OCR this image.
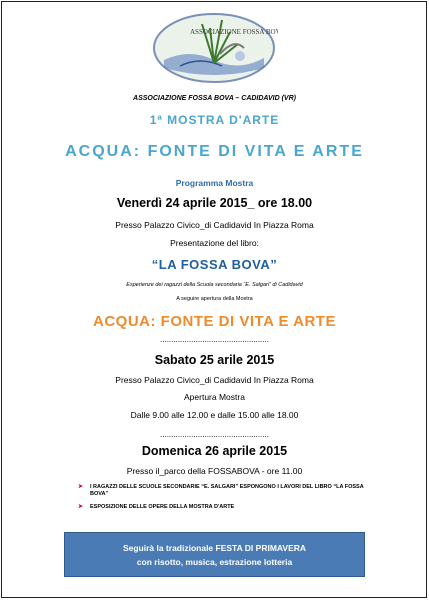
ASSOCIAZIONE FOSSA BOVA
ASSOCIAZIONE FOSSA BOVA – CADIDAVID (VR)
1ª MOSTRA D'ARTE
ACQUA: FONTE DI VITA E ARTE
Programma Mostra
Venerdì 24 aprile 2015_ ore 18.00
Presso Palazzo Civico_di Cadidavid In Piazza Roma
Presentazione del libro:
“LA FOSSA BOVA”
Esperienze dei ragazzi della Scuola secondaria “E. Salgari” di Cadidavid
A seguire apertura della Mostra
ACQUA: FONTE DI VITA E ARTE
.................................................
Sabato 25 arile 2015
Presso Palazzo Civico_di Cadidavid In Piazza Roma
Apertura Mostra
Dalle 9.00 alle 12.00 e dalle 15.00 alle 18.00
.................................................
Domenica 26 aprile 2015
Presso il_parco della FOSSABOVA - ore 11.00
➤ I RAGAZZI DELLE SCUOLE SECONDARIE “E. SALGARI” ESPONGONO I LAVORI DEL LIBRO “LA FOSSA BOVA”
➤ ESPOSIZIONE DELLE OPERE DELLA MOSTRA D'ARTE
Seguirà la tradizionale FESTA DI PRIMAVERA
con risotto, musica, estrazione lotteria
